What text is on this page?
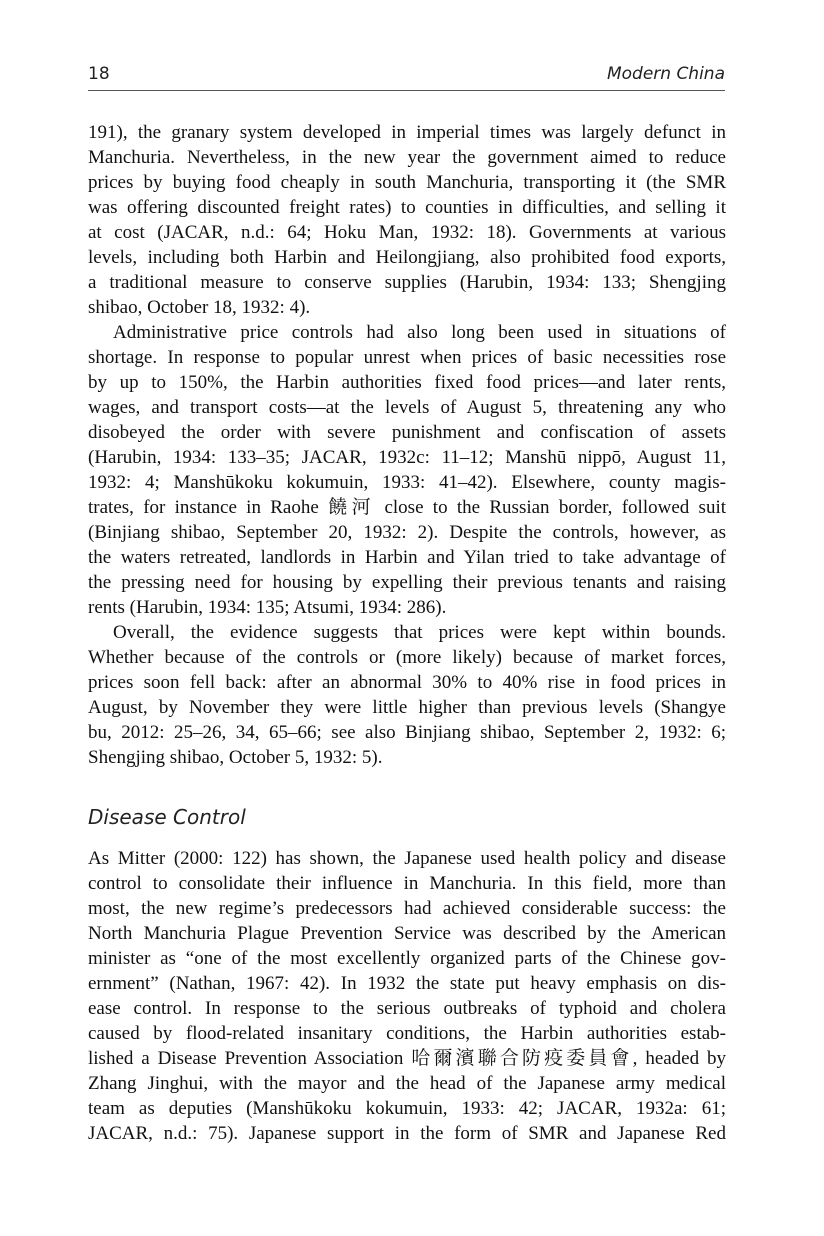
18	Modern China
191), the granary system developed in imperial times was largely defunct in
Manchuria. Nevertheless, in the new year the government aimed to reduce
prices by buying food cheaply in south Manchuria, transporting it (the SMR
was offering discounted freight rates) to counties in difficulties, and selling it
at cost (JACAR, n.d.: 64; Hoku Man, 1932: 18). Governments at various
levels, including both Harbin and Heilongjiang, also prohibited food exports,
a traditional measure to conserve supplies (Harubin, 1934: 133; Shengjing
shibao, October 18, 1932: 4).
Administrative price controls had also long been used in situations of
shortage. In response to popular unrest when prices of basic necessities rose
by up to 150%, the Harbin authorities fixed food prices—and later rents,
wages, and transport costs—at the levels of August 5, threatening any who
disobeyed the order with severe punishment and confiscation of assets
(Harubin, 1934: 133–35; JACAR, 1932c: 11–12; Manshū nippō, August 11,
1932: 4; Manshūkoku kokumuin, 1933: 41–42). Elsewhere, county magis-
trates, for instance in Raohe 饒河 close to the Russian border, followed suit
(Binjiang shibao, September 20, 1932: 2). Despite the controls, however, as
the waters retreated, landlords in Harbin and Yilan tried to take advantage of
the pressing need for housing by expelling their previous tenants and raising
rents (Harubin, 1934: 135; Atsumi, 1934: 286).
Overall, the evidence suggests that prices were kept within bounds.
Whether because of the controls or (more likely) because of market forces,
prices soon fell back: after an abnormal 30% to 40% rise in food prices in
August, by November they were little higher than previous levels (Shangye
bu, 2012: 25–26, 34, 65–66; see also Binjiang shibao, September 2, 1932: 6;
Shengjing shibao, October 5, 1932: 5).
Disease Control
As Mitter (2000: 122) has shown, the Japanese used health policy and disease
control to consolidate their influence in Manchuria. In this field, more than
most, the new regime’s predecessors had achieved considerable success: the
North Manchuria Plague Prevention Service was described by the American
minister as “one of the most excellently organized parts of the Chinese gov-
ernment” (Nathan, 1967: 42). In 1932 the state put heavy emphasis on dis-
ease control. In response to the serious outbreaks of typhoid and cholera
caused by flood-related insanitary conditions, the Harbin authorities estab-
lished a Disease Prevention Association 哈爾濱聯合防疫委員會, headed by
Zhang Jinghui, with the mayor and the head of the Japanese army medical
team as deputies (Manshūkoku kokumuin, 1933: 42; JACAR, 1932a: 61;
JACAR, n.d.: 75). Japanese support in the form of SMR and Japanese Red
